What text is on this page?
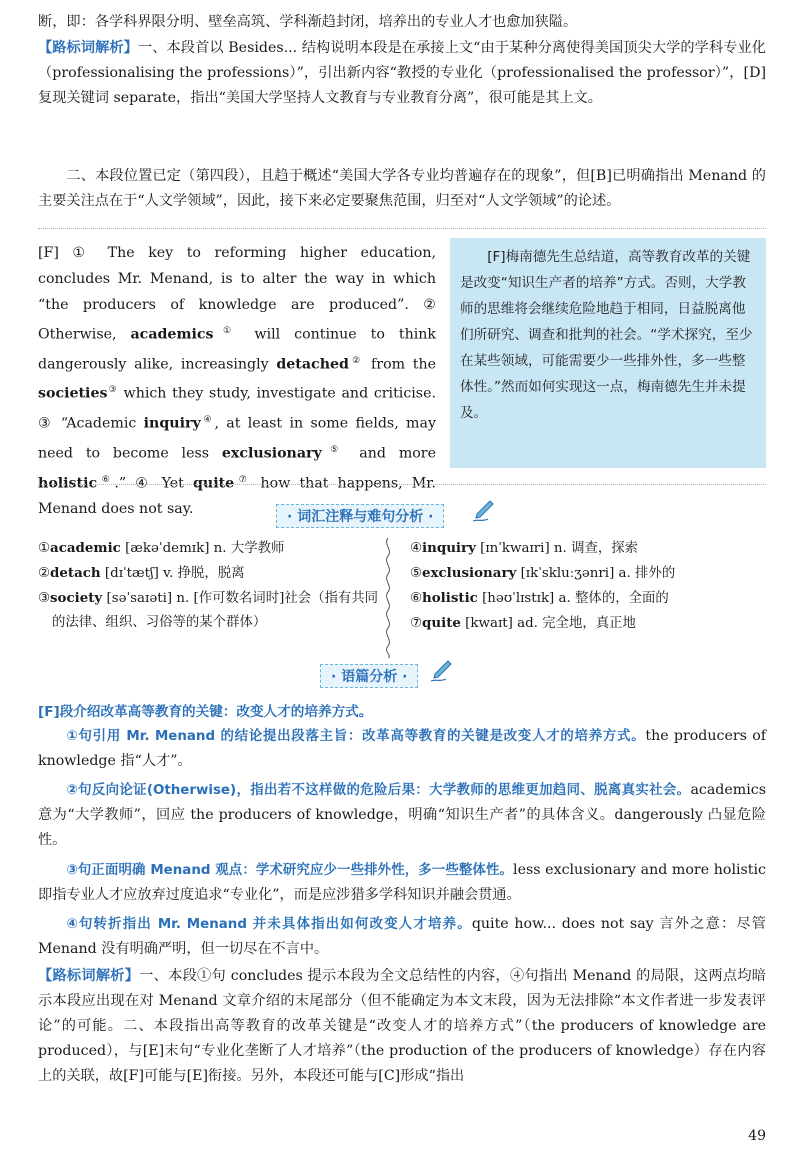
断，即：各学科界限分明、壁垒高筑、学科渐趋封闭，培养出的专业人才也愈加狭隘。

【路标词解析】一、本段首以 Besides... 结构说明本段是在承接上文“由于某种分离使得美国顶尖大学的学科专业化（professionalising the professions）”，引出新内容“教授的专业化（professionalised the professor）”，[D]复现关键词 separate，指出“美国大学坚持人文教育与专业教育分离”，很可能是其上文。

二、本段位置已定（第四段），且趋于概述“美国大学各专业均普遍存在的现象”，但[B]已明确指出 Menand 的主要关注点在于“人文学领域”，因此，接下来必定要聚焦范围，归至对“人文学领域”的论述。

[F] ① The key to reforming higher education, concludes Mr. Menand, is to alter the way in which “the producers of knowledge are produced”. ② Otherwise, academics① will continue to think dangerously alike, increasingly detached② from the societies③ which they study, investigate and criticise. ③ “Academic inquiry④, at least in some fields, may need to become less exclusionary⑤ and more holistic⑥.” ④ Yet quite⑦ how that happens, Mr. Menand does not say.
[F]梅南德先生总结道，高等教育改革的关键是改变“知识生产者的培养”方式。否则，大学教师的思维将会继续危险地趋于相同，日益脱离他们所研究、调查和批判的社会。“学术探究，至少在某些领域，可能需要少一些排外性，多一些整体性。”然而如何实现这一点，梅南德先生并未提及。
· 词汇注释与难句分析 ·
①academic [ækəˈdemɪk] n. 大学教师
②detach [dɪˈtætʃ] v. 挣脱，脱离
③society [səˈsaɪəti] n. [作可数名词时]社会（指有共同
的法律、组织、习俗等的某个群体）
④inquiry [ɪnˈkwaɪri] n. 调查，探索
⑤exclusionary [ɪkˈskluːʒənri] a. 排外的
⑥holistic [həʊˈlɪstɪk] a. 整体的，全面的
⑦quite [kwaɪt] ad. 完全地，真正地
· 语篇分析 ·

[F]段介绍改革高等教育的关键：改变人才的培养方式。

①句引用 Mr. Menand 的结论提出段落主旨：改革高等教育的关键是改变人才的培养方式。the producers of knowledge 指“人才”。

②句反向论证(Otherwise)，指出若不这样做的危险后果：大学教师的思维更加趋同、脱离真实社会。academics 意为“大学教师”，回应 the producers of knowledge，明确“知识生产者”的具体含义。dangerously 凸显危险性。

③句正面明确 Menand 观点：学术研究应少一些排外性，多一些整体性。less exclusionary and more holistic 即指专业人才应放弃过度追求“专业化”，而是应涉猎多学科知识并融会贯通。

④句转折指出 Mr. Menand 并未具体指出如何改变人才培养。quite how... does not say 言外之意：尽管 Menand 没有明确严明，但一切尽在不言中。

【路标词解析】一、本段①句 concludes 提示本段为全文总结性的内容，④句指出 Menand 的局限，这两点均暗示本段应出现在对 Menand 文章介绍的末尾部分（但不能确定为本文末段，因为无法排除“本文作者进一步发表评论”的可能。二、本段指出高等教育的改革关键是“改变人才的培养方式”（the producers of knowledge are produced），与[E]末句“专业化垄断了人才培养”（the production of the producers of knowledge）存在内容上的关联，故[F]可能与[E]衔接。另外，本段还可能与[C]形成“指出

49
